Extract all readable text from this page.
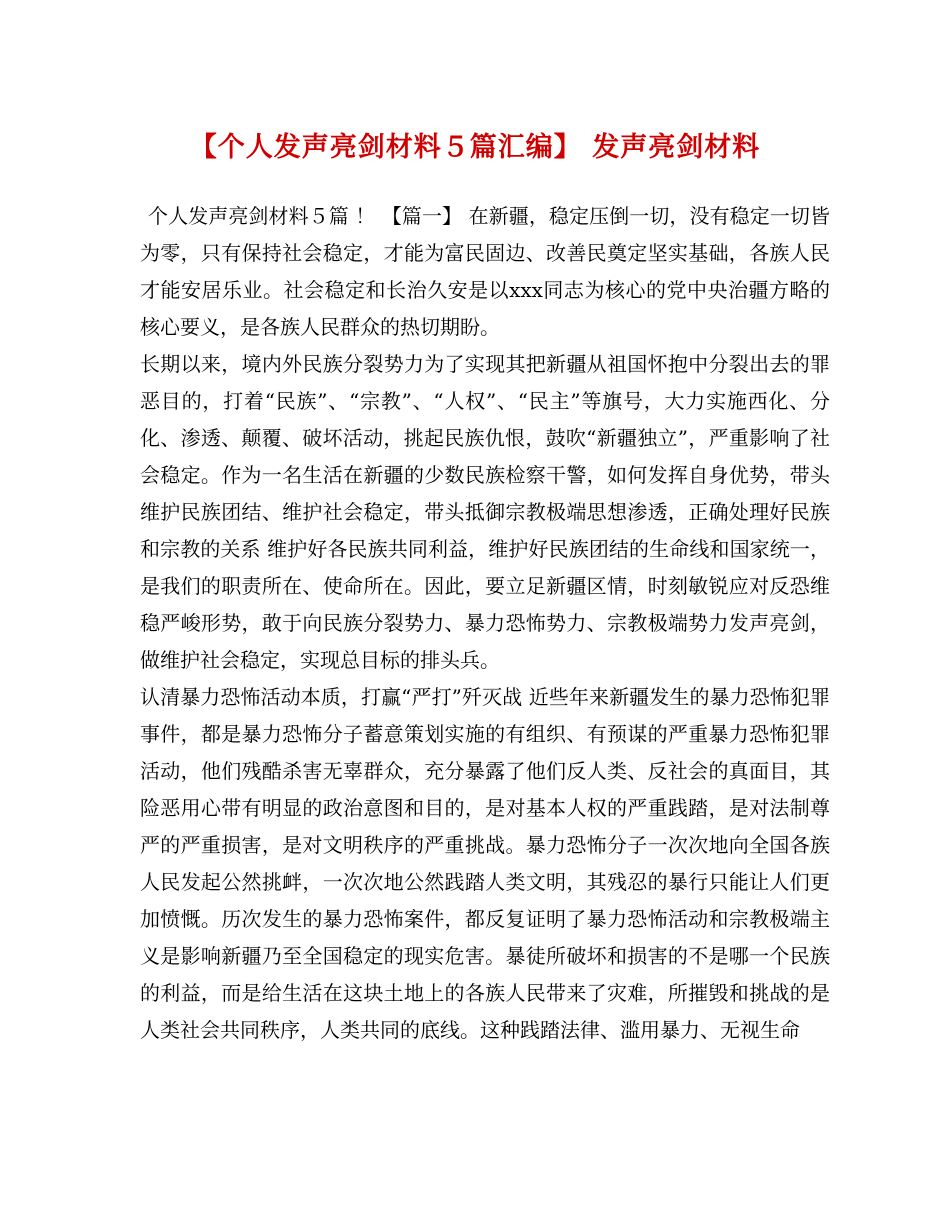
【个人发声亮剑材料５篇汇编】 发声亮剑材料

个人发声亮剑材料５篇 ！ 【篇一】 在新疆，稳定压倒一切，没有稳定一切皆为零，只有保持社会稳定，才能为富民固边、改善民奠定坚实基础，各族人民才能安居乐业。社会稳定和长治久安是以xxx同志为核心的党中央治疆方略的核心要义，是各族人民群众的热切期盼。

长期以来，境内外民族分裂势力为了实现其把新疆从祖国怀抱中分裂出去的罪恶目的，打着“民族”、“宗教”、“人权”、“民主”等旗号，大力实施西化、分化、渗透、颠覆、破坏活动，挑起民族仇恨，鼓吹“新疆独立”，严重影响了社会稳定。作为一名生活在新疆的少数民族检察干警，如何发挥自身优势，带头维护民族团结、维护社会稳定，带头抵御宗教极端思想渗透，正确处理好民族和宗教的关系 维护好各民族共同利益，维护好民族团结的生命线和国家统一，是我们的职责所在、使命所在。因此，要立足新疆区情，时刻敏锐应对反恐维稳严峻形势，敢于向民族分裂势力、暴力恐怖势力、宗教极端势力发声亮剑，做维护社会稳定，实现总目标的排头兵。

认清暴力恐怖活动本质，打赢“严打”歼灭战 近些年来新疆发生的暴力恐怖犯罪事件，都是暴力恐怖分子蓄意策划实施的有组织、有预谋的严重暴力恐怖犯罪活动，他们残酷杀害无辜群众，充分暴露了他们反人类、反社会的真面目，其险恶用心带有明显的政治意图和目的，是对基本人权的严重践踏，是对法制尊严的严重损害，是对文明秩序的严重挑战。暴力恐怖分子一次次地向全国各族人民发起公然挑衅，一次次地公然践踏人类文明，其残忍的暴行只能让人们更加愤慨。历次发生的暴力恐怖案件，都反复证明了暴力恐怖活动和宗教极端主义是影响新疆乃至全国稳定的现实危害。暴徒所破坏和损害的不是哪一个民族的利益，而是给生活在这块土地上的各族人民带来了灾难，所摧毁和挑战的是人类社会共同秩序，人类共同的底线。这种践踏法律、滥用暴力、无视生命
